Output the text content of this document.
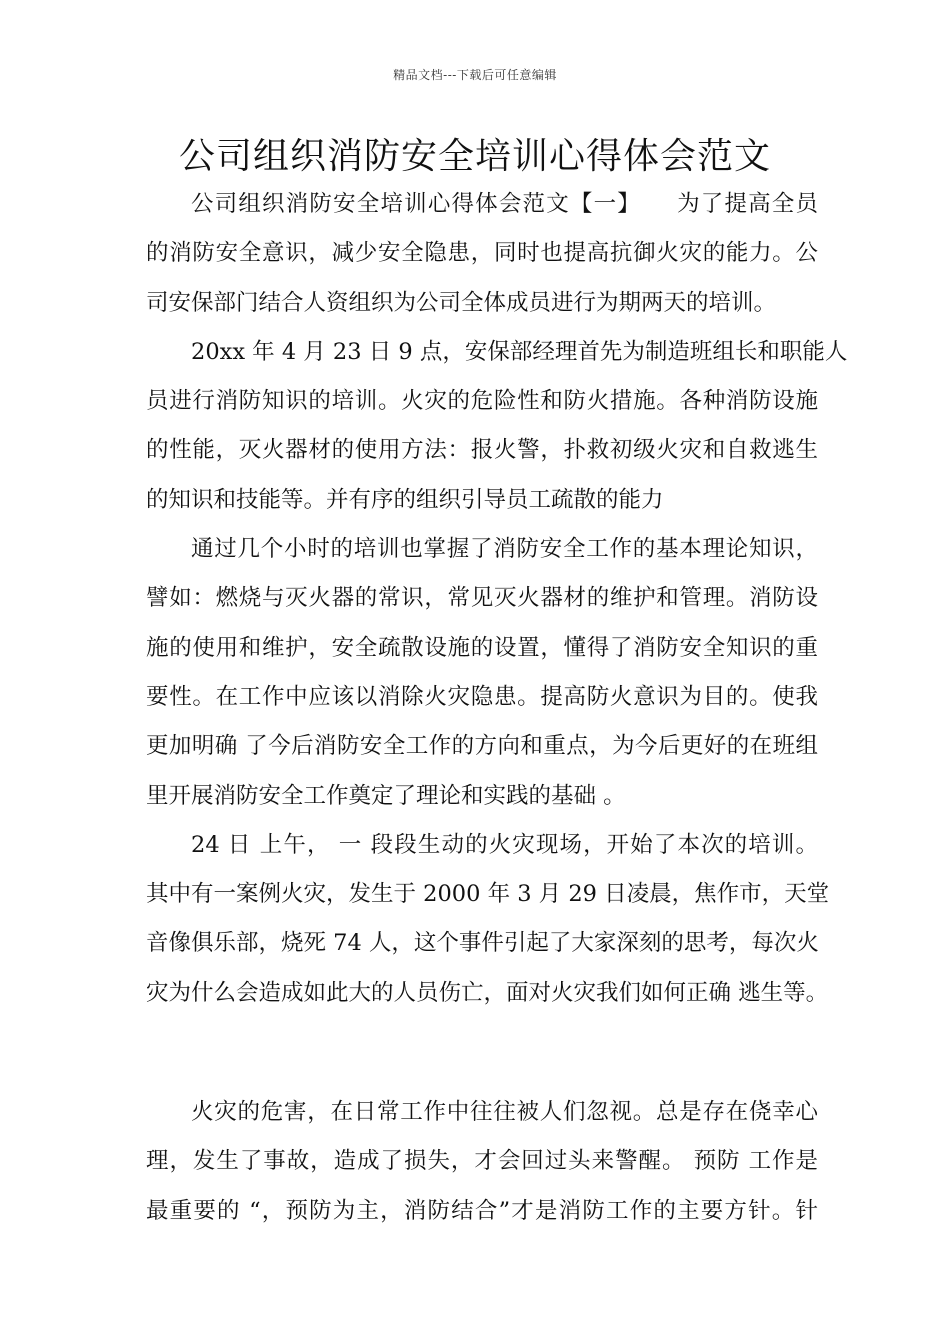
精品文档---下载后可任意编辑
公司组织消防安全培训心得体会范文
公司组织消防安全培训心得体会范文【一】　　为了提高全员
的消防安全意识，减少安全隐患，同时也提高抗御火灾的能力。公
司安保部门结合人资组织为公司全体成员进行为期两天的培训。
20xx 年 4 月 23 日 9 点，安保部经理首先为制造班组长和职能人
员进行消防知识的培训。火灾的危险性和防火措施。各种消防设施
的性能，灭火器材的使用方法：报火警，扑救初级火灾和自救逃生
的知识和技能等。并有序的组织引导员工疏散的能力
通过几个小时的培训也掌握了消防安全工作的基本理论知识，
譬如：燃烧与灭火器的常识，常见灭火器材的维护和管理。消防设
施的使用和维护，安全疏散设施的设置，懂得了消防安全知识的重
要性。在工作中应该以消除火灾隐患。提高防火意识为目的。使我
更加明确 了今后消防安全工作的方向和重点，为今后更好的在班组
里开展消防安全工作奠定了理论和实践的基础 。
24 日 上午， 一 段段生动的火灾现场，开始了本次的培训。
其中有一案例火灾，发生于 2000 年 3 月 29 日凌晨，焦作市，天堂
音像俱乐部，烧死 74 人，这个事件引起了大家深刻的思考，每次火
灾为什么会造成如此大的人员伤亡，面对火灾我们如何正确 逃生等。
火灾的危害，在日常工作中往往被人们忽视。总是存在侥幸心
理，发生了事故，造成了损失，才会回过头来警醒。 预防 工作是
最重要的 “，预防为主，消防结合”才是消防工作的主要方针。针
